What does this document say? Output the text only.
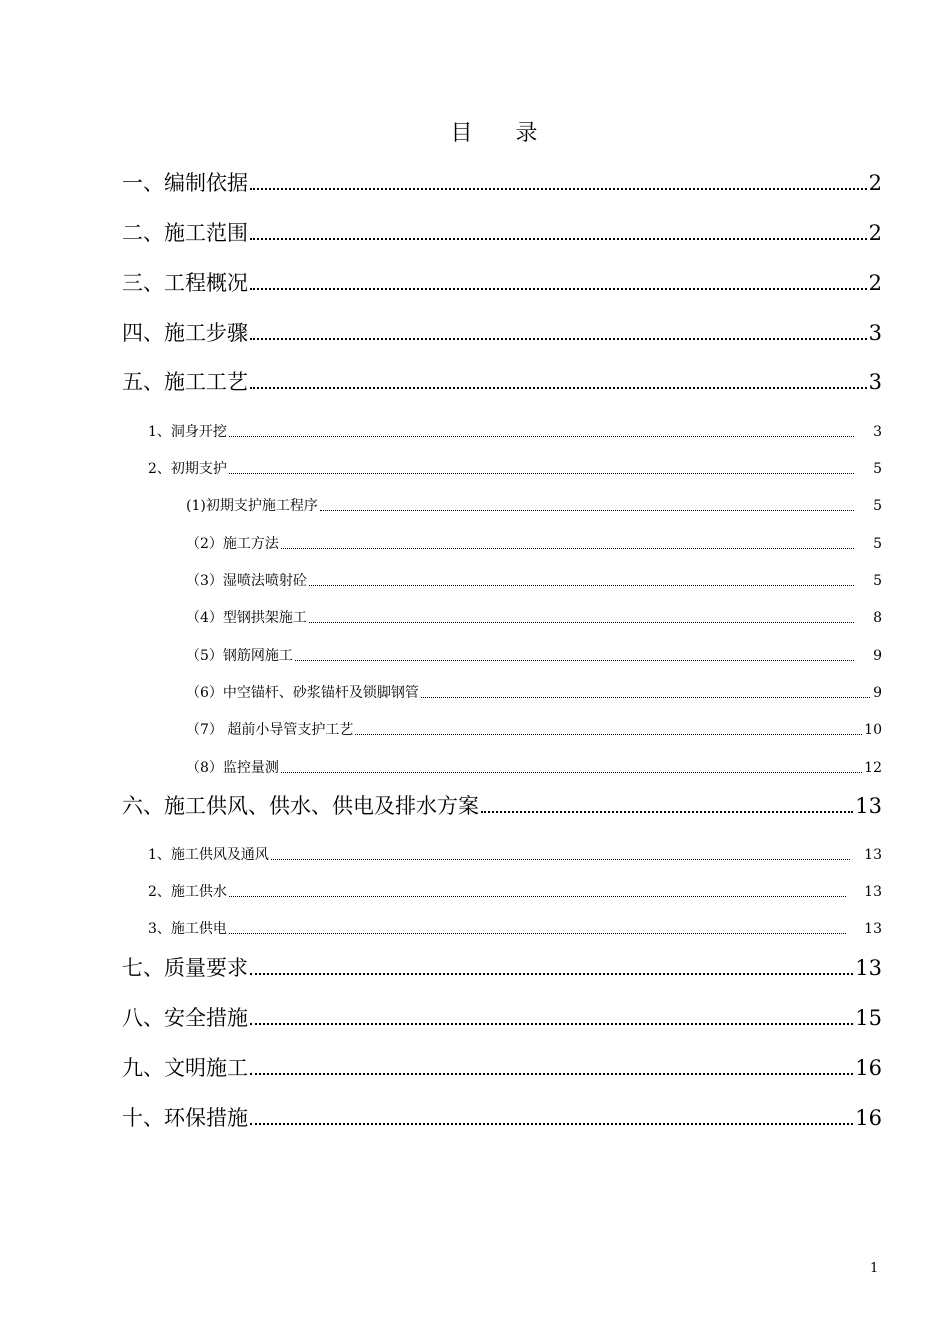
目 录
一、编制依据	2
二、施工范围	2
三、工程概况	2
四、施工步骤	3
五、施工工艺	3
1、洞身开挖	3
2、初期支护	5
(1)初期支护施工程序	5
（2）施工方法	5
（3）湿喷法喷射砼	5
（4）型钢拱架施工	8
（5）钢筋网施工	9
（6）中空锚杆、砂浆锚杆及锁脚钢管	9
（7） 超前小导管支护工艺	10
（8）监控量测	12
六、施工供风、供水、供电及排水方案	13
1、施工供风及通风	13
2、施工供水	13
3、施工供电	13
七、质量要求	13
八、安全措施	15
九、文明施工	16
十、环保措施	16
1
